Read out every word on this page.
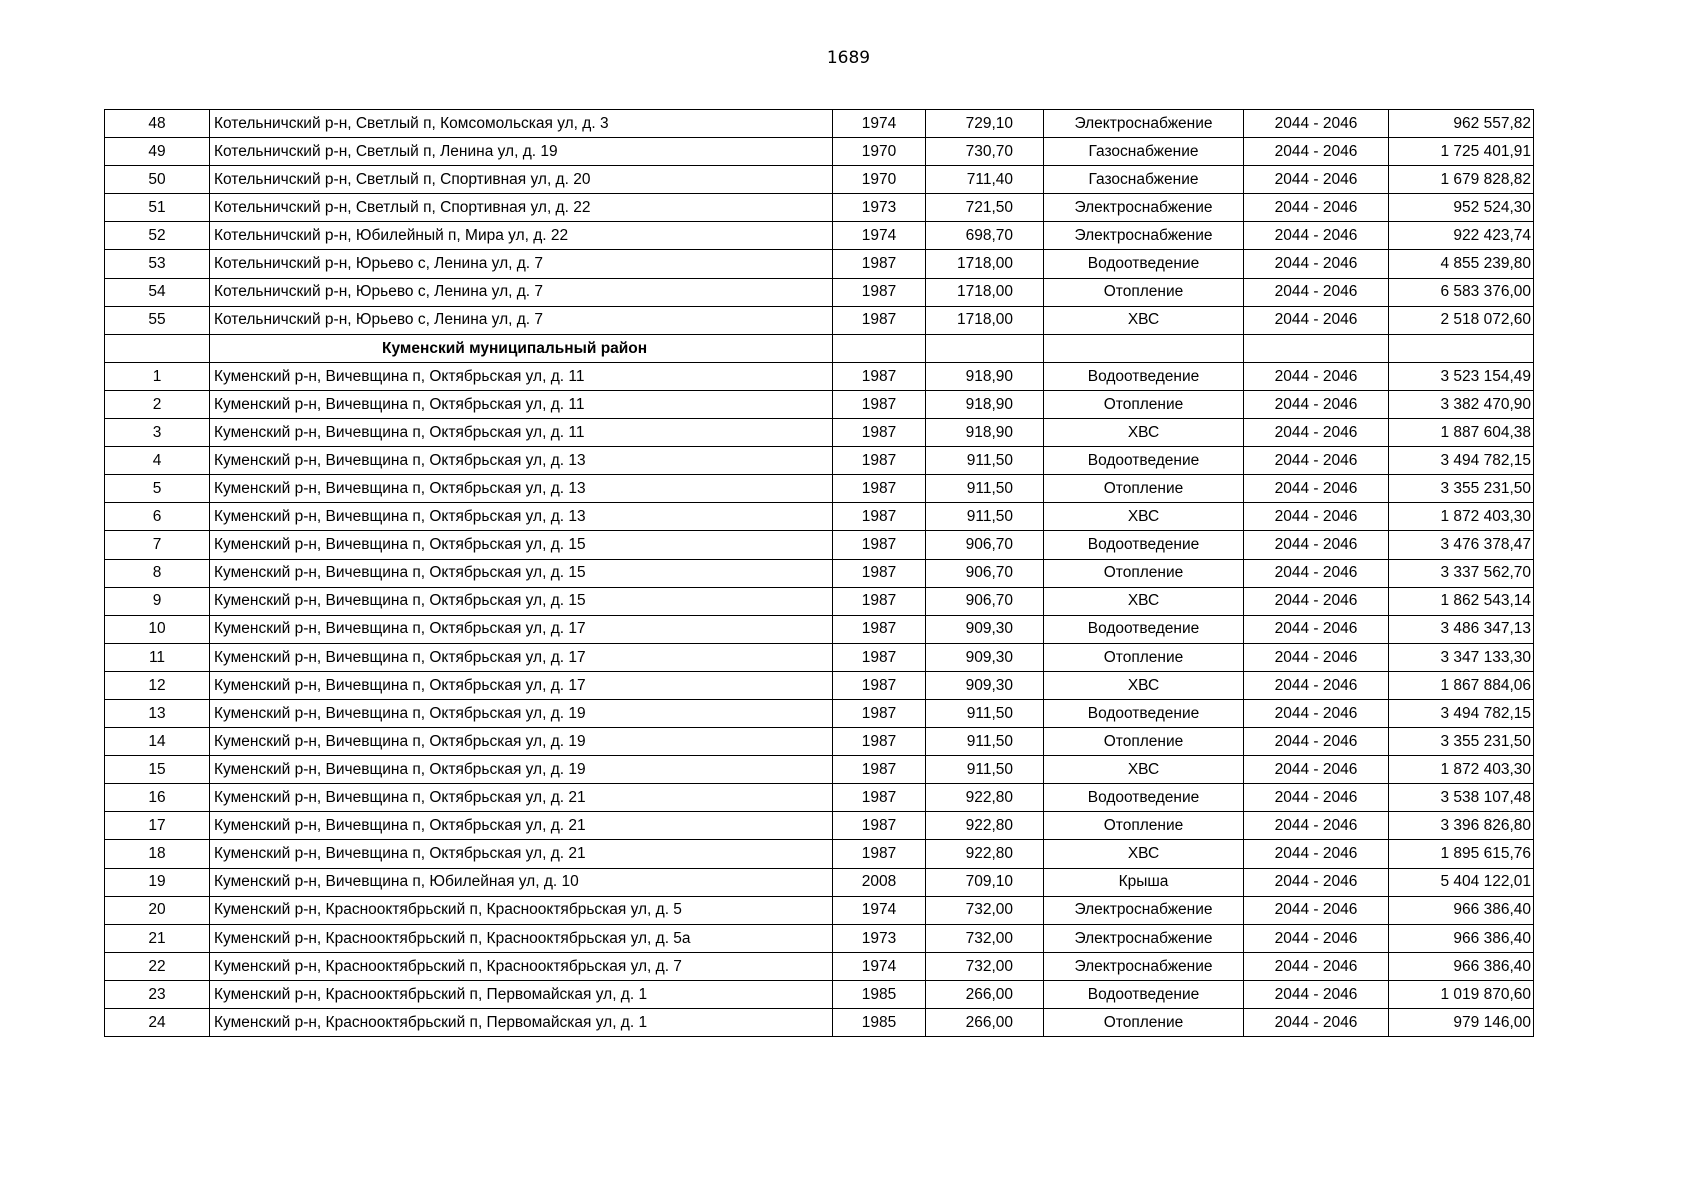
1689
48	Котельничский р-н, Светлый п, Комсомольская ул, д. 3	1974	729,10	Электроснабжение	2044 - 2046	962 557,82
49	Котельничский р-н, Светлый п, Ленина ул, д. 19	1970	730,70	Газоснабжение	2044 - 2046	1 725 401,91
50	Котельничский р-н, Светлый п, Спортивная ул, д. 20	1970	711,40	Газоснабжение	2044 - 2046	1 679 828,82
51	Котельничский р-н, Светлый п, Спортивная ул, д. 22	1973	721,50	Электроснабжение	2044 - 2046	952 524,30
52	Котельничский р-н, Юбилейный п, Мира ул, д. 22	1974	698,70	Электроснабжение	2044 - 2046	922 423,74
53	Котельничский р-н, Юрьево с, Ленина ул, д. 7	1987	1718,00	Водоотведение	2044 - 2046	4 855 239,80
54	Котельничский р-н, Юрьево с, Ленина ул, д. 7	1987	1718,00	Отопление	2044 - 2046	6 583 376,00
55	Котельничский р-н, Юрьево с, Ленина ул, д. 7	1987	1718,00	ХВС	2044 - 2046	2 518 072,60
	Куменский муниципальный район					
1	Куменский р-н, Вичевщина п, Октябрьская ул, д. 11	1987	918,90	Водоотведение	2044 - 2046	3 523 154,49
2	Куменский р-н, Вичевщина п, Октябрьская ул, д. 11	1987	918,90	Отопление	2044 - 2046	3 382 470,90
3	Куменский р-н, Вичевщина п, Октябрьская ул, д. 11	1987	918,90	ХВС	2044 - 2046	1 887 604,38
4	Куменский р-н, Вичевщина п, Октябрьская ул, д. 13	1987	911,50	Водоотведение	2044 - 2046	3 494 782,15
5	Куменский р-н, Вичевщина п, Октябрьская ул, д. 13	1987	911,50	Отопление	2044 - 2046	3 355 231,50
6	Куменский р-н, Вичевщина п, Октябрьская ул, д. 13	1987	911,50	ХВС	2044 - 2046	1 872 403,30
7	Куменский р-н, Вичевщина п, Октябрьская ул, д. 15	1987	906,70	Водоотведение	2044 - 2046	3 476 378,47
8	Куменский р-н, Вичевщина п, Октябрьская ул, д. 15	1987	906,70	Отопление	2044 - 2046	3 337 562,70
9	Куменский р-н, Вичевщина п, Октябрьская ул, д. 15	1987	906,70	ХВС	2044 - 2046	1 862 543,14
10	Куменский р-н, Вичевщина п, Октябрьская ул, д. 17	1987	909,30	Водоотведение	2044 - 2046	3 486 347,13
11	Куменский р-н, Вичевщина п, Октябрьская ул, д. 17	1987	909,30	Отопление	2044 - 2046	3 347 133,30
12	Куменский р-н, Вичевщина п, Октябрьская ул, д. 17	1987	909,30	ХВС	2044 - 2046	1 867 884,06
13	Куменский р-н, Вичевщина п, Октябрьская ул, д. 19	1987	911,50	Водоотведение	2044 - 2046	3 494 782,15
14	Куменский р-н, Вичевщина п, Октябрьская ул, д. 19	1987	911,50	Отопление	2044 - 2046	3 355 231,50
15	Куменский р-н, Вичевщина п, Октябрьская ул, д. 19	1987	911,50	ХВС	2044 - 2046	1 872 403,30
16	Куменский р-н, Вичевщина п, Октябрьская ул, д. 21	1987	922,80	Водоотведение	2044 - 2046	3 538 107,48
17	Куменский р-н, Вичевщина п, Октябрьская ул, д. 21	1987	922,80	Отопление	2044 - 2046	3 396 826,80
18	Куменский р-н, Вичевщина п, Октябрьская ул, д. 21	1987	922,80	ХВС	2044 - 2046	1 895 615,76
19	Куменский р-н, Вичевщина п, Юбилейная ул, д. 10	2008	709,10	Крыша	2044 - 2046	5 404 122,01
20	Куменский р-н, Краснооктябрьский п, Краснооктябрьская ул, д. 5	1974	732,00	Электроснабжение	2044 - 2046	966 386,40
21	Куменский р-н, Краснооктябрьский п, Краснооктябрьская ул, д. 5а	1973	732,00	Электроснабжение	2044 - 2046	966 386,40
22	Куменский р-н, Краснооктябрьский п, Краснооктябрьская ул, д. 7	1974	732,00	Электроснабжение	2044 - 2046	966 386,40
23	Куменский р-н, Краснооктябрьский п, Первомайская ул, д. 1	1985	266,00	Водоотведение	2044 - 2046	1 019 870,60
24	Куменский р-н, Краснооктябрьский п, Первомайская ул, д. 1	1985	266,00	Отопление	2044 - 2046	979 146,00
